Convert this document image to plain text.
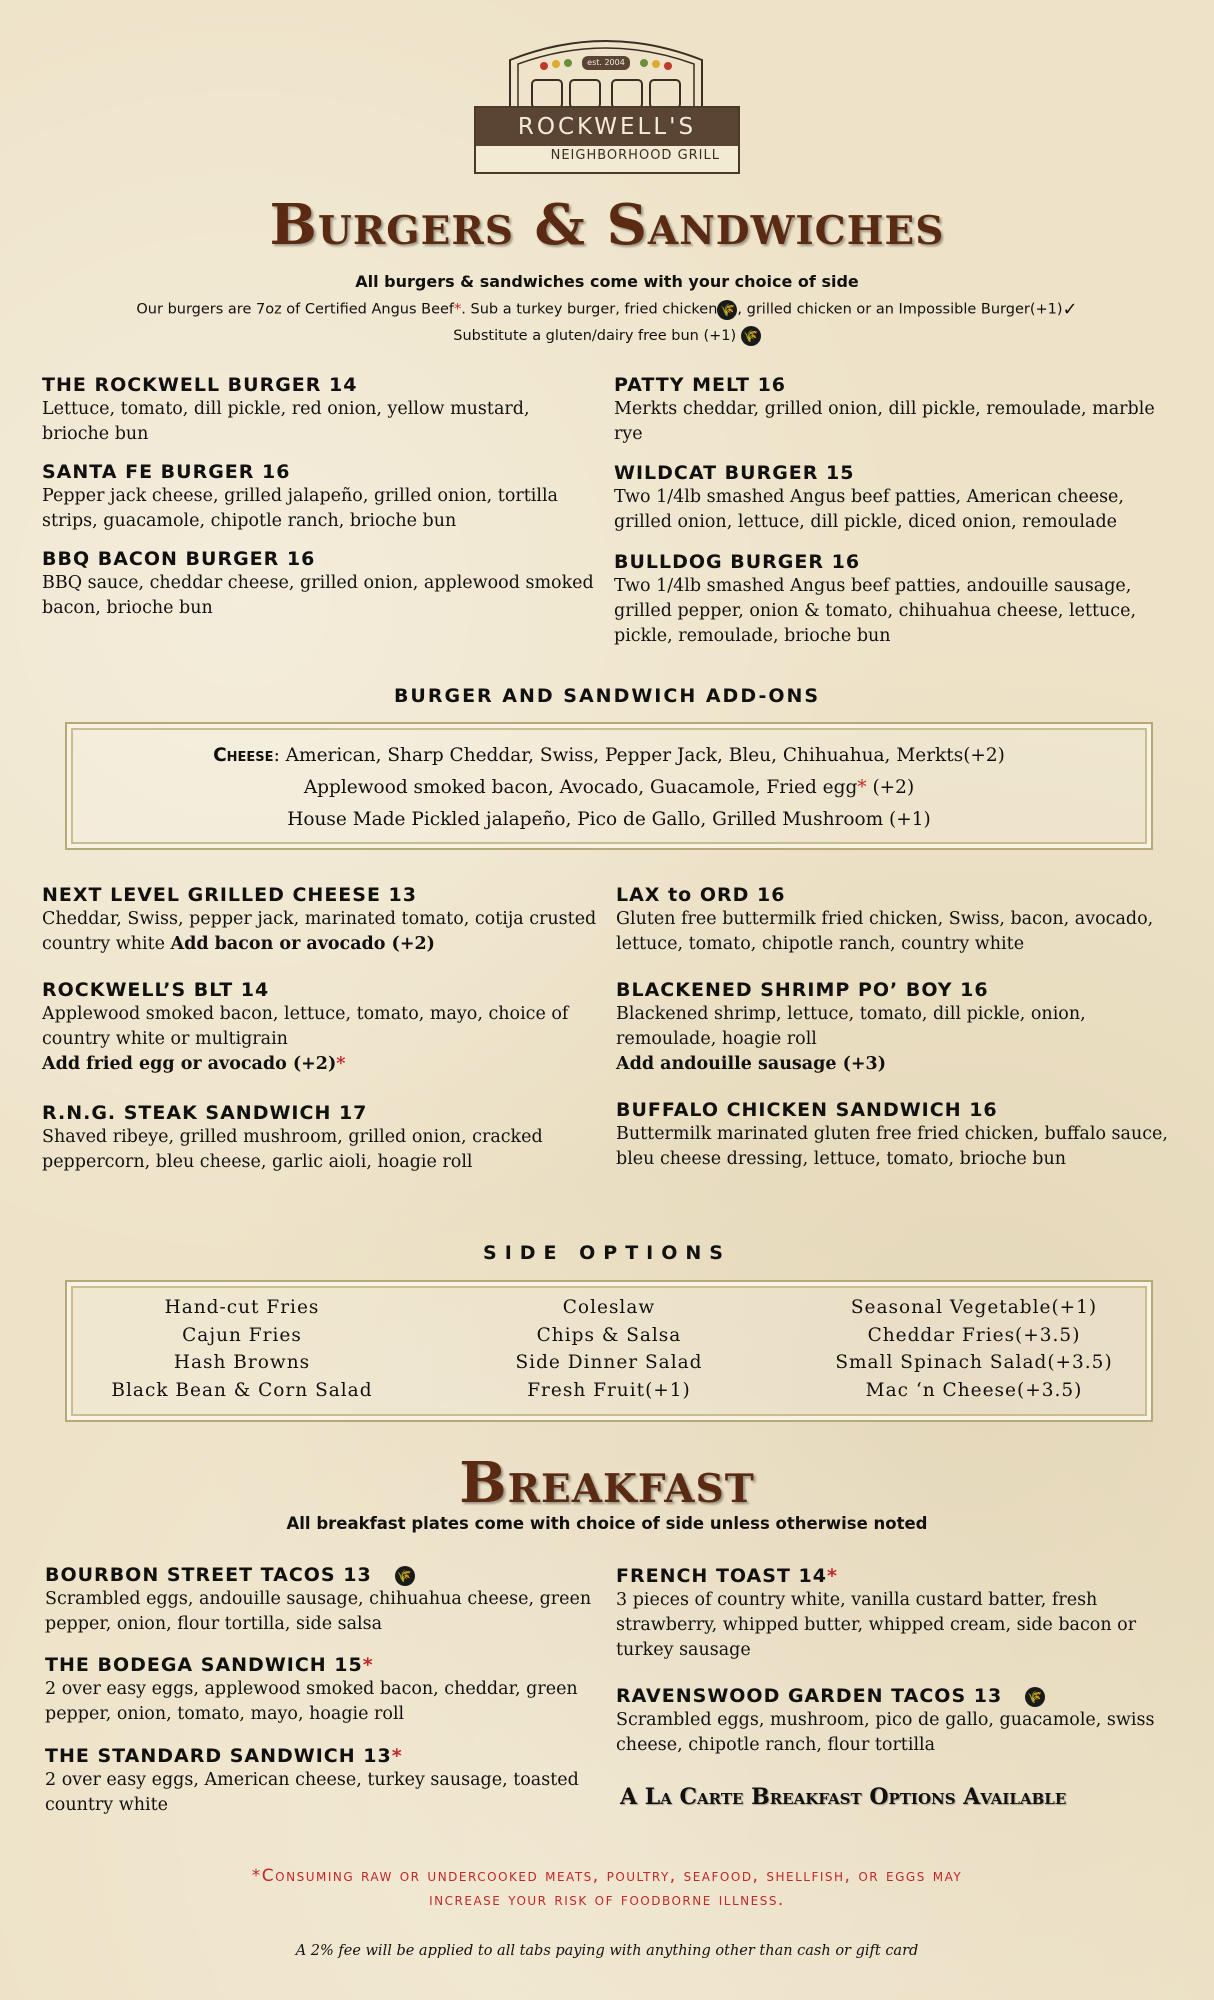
est. 2004
ROCKWELL'S
NEIGHBORHOOD GRILL
Burgers & Sandwiches
All burgers & sandwiches come with your choice of side
Our burgers are 7oz of Certified Angus Beef*. Sub a turkey burger, fried chicken 🌾 , grilled chicken or an Impossible Burger(+1)✓
Substitute a gluten/dairy free bun (+1) 🌾
THE ROCKWELL BURGER 14
Lettuce, tomato, dill pickle, red onion, yellow mustard, brioche bun
SANTA FE BURGER 16
Pepper jack cheese, grilled jalapeño, grilled onion, tortilla strips, guacamole, chipotle ranch, brioche bun
BBQ BACON BURGER 16
BBQ sauce, cheddar cheese, grilled onion, applewood smoked bacon, brioche bun
PATTY MELT 16
Merkts cheddar, grilled onion, dill pickle, remoulade, marble rye
WILDCAT BURGER 15
Two 1/4lb smashed Angus beef patties, American cheese, grilled onion, lettuce, dill pickle, diced onion, remoulade
BULLDOG BURGER 16
Two 1/4lb smashed Angus beef patties, andouille sausage, grilled pepper, onion & tomato, chihuahua cheese, lettuce, pickle, remoulade, brioche bun
BURGER AND SANDWICH ADD-ONS
Cheese: American, Sharp Cheddar, Swiss, Pepper Jack, Bleu, Chihuahua, Merkts(+2)
Applewood smoked bacon, Avocado, Guacamole, Fried egg* (+2)
House Made Pickled jalapeño, Pico de Gallo, Grilled Mushroom (+1)
NEXT LEVEL GRILLED CHEESE 13
Cheddar, Swiss, pepper jack, marinated tomato, cotija crusted country white Add bacon or avocado (+2)
ROCKWELL’S BLT 14
Applewood smoked bacon, lettuce, tomato, mayo, choice of country white or multigrain
Add fried egg or avocado (+2)*
R.N.G. STEAK SANDWICH 17
Shaved ribeye, grilled mushroom, grilled onion, cracked peppercorn, bleu cheese, garlic aioli, hoagie roll
LAX to ORD 16
Gluten free buttermilk fried chicken, Swiss, bacon, avocado, lettuce, tomato, chipotle ranch, country white
BLACKENED SHRIMP PO’ BOY 16
Blackened shrimp, lettuce, tomato, dill pickle, onion, remoulade, hoagie roll
Add andouille sausage (+3)
BUFFALO CHICKEN SANDWICH 16
Buttermilk marinated gluten free fried chicken, buffalo sauce, bleu cheese dressing, lettuce, tomato, brioche bun
SIDE OPTIONS
Hand-cut Fries
Cajun Fries
Hash Browns
Black Bean & Corn Salad
Coleslaw
Chips & Salsa
Side Dinner Salad
Fresh Fruit(+1)
Seasonal Vegetable(+1)
Cheddar Fries(+3.5)
Small Spinach Salad(+3.5)
Mac ‘n Cheese(+3.5)
Breakfast
All breakfast plates come with choice of side unless otherwise noted
BOURBON STREET TACOS 13 🌾
Scrambled eggs, andouille sausage, chihuahua cheese, green pepper, onion, flour tortilla, side salsa
THE BODEGA SANDWICH 15*
2 over easy eggs, applewood smoked bacon, cheddar, green pepper, onion, tomato, mayo, hoagie roll
THE STANDARD SANDWICH 13*
2 over easy eggs, American cheese, turkey sausage, toasted country white
FRENCH TOAST 14*
3 pieces of country white, vanilla custard batter, fresh strawberry, whipped butter, whipped cream, side bacon or turkey sausage
RAVENSWOOD GARDEN TACOS 13 🌾
Scrambled eggs, mushroom, pico de gallo, guacamole, swiss cheese, chipotle ranch, flour tortilla
A La Carte Breakfast Options Available
*Consuming raw or undercooked meats, poultry, seafood, shellfish, or eggs may
increase your risk of foodborne illness.
A 2% fee will be applied to all tabs paying with anything other than cash or gift card
